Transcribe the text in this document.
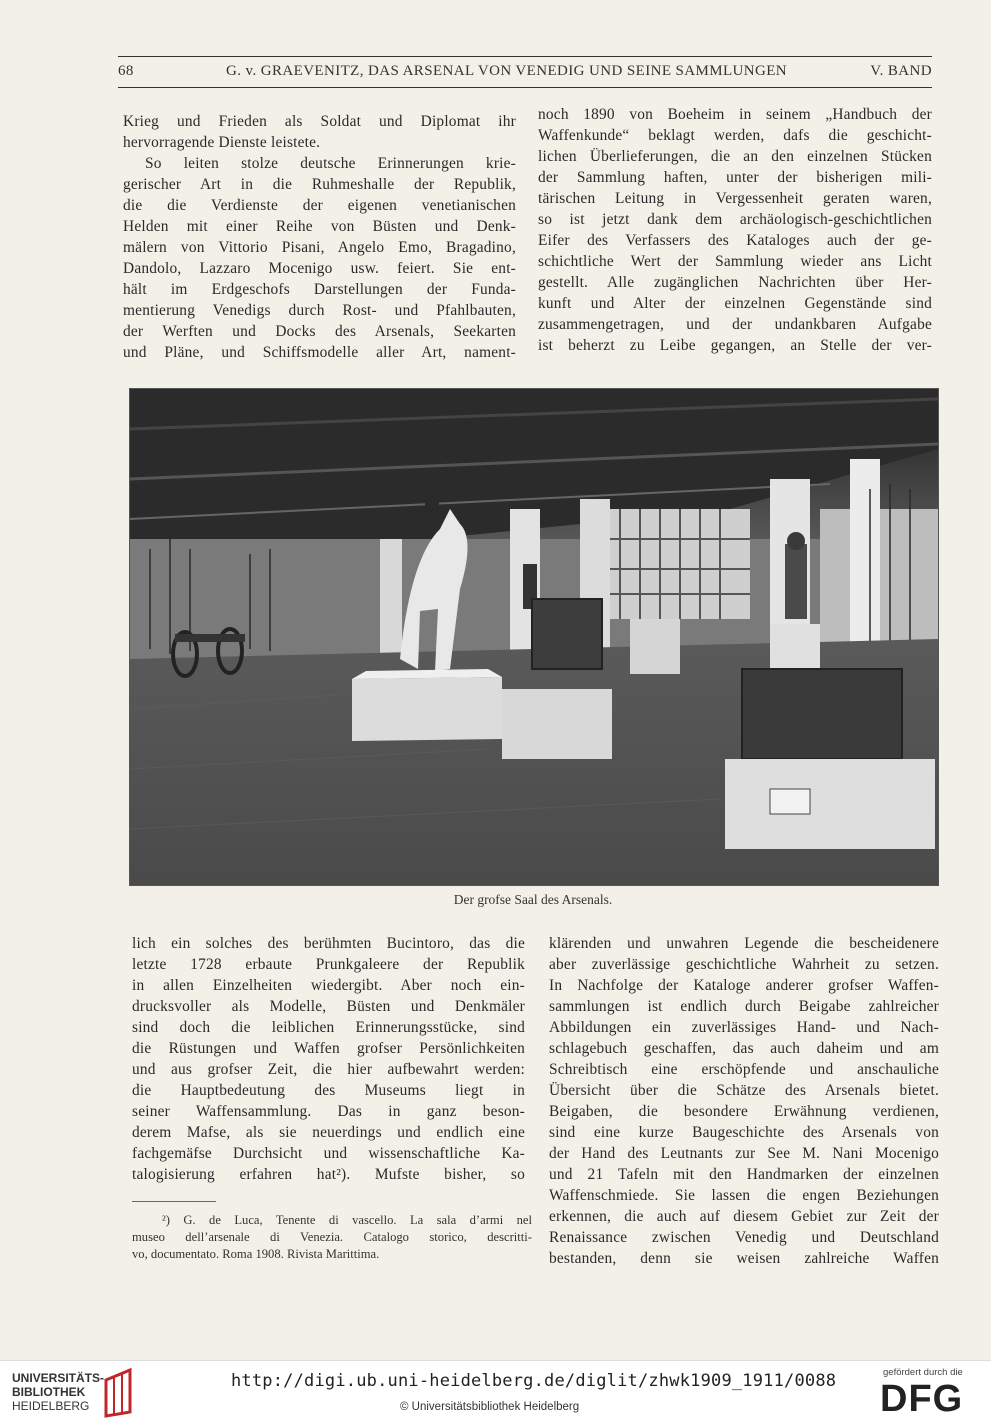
68	G. v. GRAEVENITZ, DAS ARSENAL VON VENEDIG UND SEINE SAMMLUNGEN	V. BAND
Krieg und Frieden als Soldat und Diplomat ihr
hervorragende Dienste leistete.
So leiten stolze deutsche Erinnerungen krie-
gerischer Art in die Ruhmeshalle der Republik,
die die Verdienste der eigenen venetianischen
Helden mit einer Reihe von Büsten und Denk-
mälern von Vittorio Pisani, Angelo Emo, Bragadino,
Dandolo, Lazzaro Mocenigo usw. feiert. Sie ent-
hält im Erdgeschofs Darstellungen der Funda-
mentierung Venedigs durch Rost- und Pfahlbauten,
der Werften und Docks des Arsenals, Seekarten
und Pläne, und Schiffsmodelle aller Art, nament-
noch 1890 von Boeheim in seinem „Handbuch der
Waffenkunde“ beklagt werden, dafs die geschicht-
lichen Überlieferungen, die an den einzelnen Stücken
der Sammlung haften, unter der bisherigen mili-
tärischen Leitung in Vergessenheit geraten waren,
so ist jetzt dank dem archäologisch-geschichtlichen
Eifer des Verfassers des Kataloges auch der ge-
schichtliche Wert der Sammlung wieder ans Licht
gestellt. Alle zugänglichen Nachrichten über Her-
kunft und Alter der einzelnen Gegenstände sind
zusammengetragen, und der undankbaren Aufgabe
ist beherzt zu Leibe gegangen, an Stelle der ver-
Der grofse Saal des Arsenals.
lich ein solches des berühmten Bucintoro, das die
letzte 1728 erbaute Prunkgaleere der Republik
in allen Einzelheiten wiedergibt. Aber noch ein-
drucksvoller als Modelle, Büsten und Denkmäler
sind doch die leiblichen Erinnerungsstücke, sind
die Rüstungen und Waffen grofser Persönlichkeiten
und aus grofser Zeit, die hier aufbewahrt werden:
die Hauptbedeutung des Museums liegt in
seiner Waffensammlung. Das in ganz beson-
derem Mafse, als sie neuerdings und endlich eine
fachgemäfse Durchsicht und wissenschaftliche Ka-
talogisierung erfahren hat²). Mufste bisher, so
klärenden und unwahren Legende die bescheidenere
aber zuverlässige geschichtliche Wahrheit zu setzen.
In Nachfolge der Kataloge anderer grofser Waffen-
sammlungen ist endlich durch Beigabe zahlreicher
Abbildungen ein zuverlässiges Hand- und Nach-
schlagebuch geschaffen, das auch daheim und am
Schreibtisch eine erschöpfende und anschauliche
Übersicht über die Schätze des Arsenals bietet.
Beigaben, die besondere Erwähnung verdienen,
sind eine kurze Baugeschichte des Arsenals von
der Hand des Leutnants zur See M. Nani Mocenigo
und 21 Tafeln mit den Handmarken der einzelnen
Waffenschmiede. Sie lassen die engen Beziehungen
erkennen, die auch auf diesem Gebiet zur Zeit der
Renaissance zwischen Venedig und Deutschland
bestanden, denn sie weisen zahlreiche Waffen
²) G. de Luca, Tenente di vascello. La sala d’armi nel
museo dell’arsenale di Venezia. Catalogo storico, descritti-
vo, documentato. Roma 1908. Rivista Marittima.
UNIVERSITÄTS-
BIBLIOTHEK
HEIDELBERG
http://digi.ub.uni-heidelberg.de/diglit/zhwk1909_1911/0088
© Universitätsbibliothek Heidelberg
gefördert durch die
DFG
